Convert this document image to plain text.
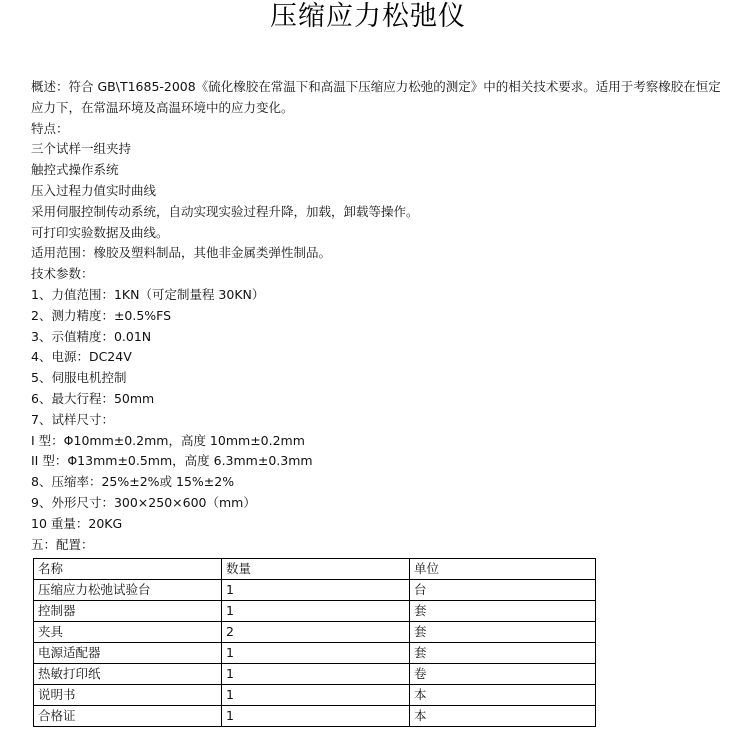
压缩应力松弛仪
概述：符合 GB\T1685-2008《硫化橡胶在常温下和高温下压缩应力松弛的测定》中的相关技术要求。适用于考察橡胶在恒定应力下，在常温环境及高温环境中的应力变化。
特点：
三个试样一组夹持
触控式操作系统
压入过程力值实时曲线
采用伺服控制传动系统，自动实现实验过程升降，加载，卸载等操作。
可打印实验数据及曲线。
适用范围：橡胶及塑料制品，其他非金属类弹性制品。
技术参数：
1、力值范围：1KN（可定制量程 30KN）
2、测力精度：±0.5%FS
3、示值精度：0.01N
4、电源：DC24V
5、伺服电机控制
6、最大行程：50mm
7、试样尺寸：
I 型：Φ10mm±0.2mm，高度 10mm±0.2mm
II 型：Φ13mm±0.5mm，高度 6.3mm±0.3mm
8、压缩率：25%±2%或 15%±2%
9、外形尺寸：300×250×600（mm）
10 重量：20KG
五：配置：
名称	数量	单位
压缩应力松弛试验台	1	台
控制器	1	套
夹具	2	套
电源适配器	1	套
热敏打印纸	1	卷
说明书	1	本
合格证	1	本
